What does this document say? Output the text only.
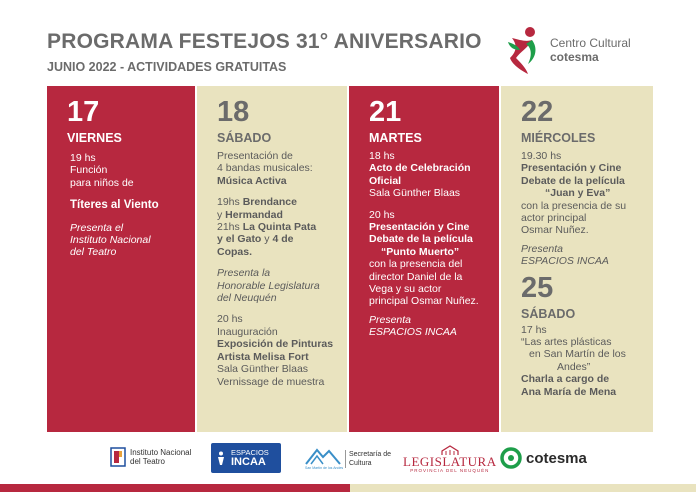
PROGRAMA FESTEJOS 31° ANIVERSARIO
JUNIO 2022 - ACTIVIDADES GRATUITAS
Centro Cultural
cotesma
17
VIERNES
19 hs
Función
para niños de
Títeres al Viento
Presenta el
Instituto Nacional
del Teatro
18
SÁBADO
Presentación de
4 bandas musicales:
Música Activa
19hs Brendance
y Hermandad
21hs La Quinta Pata
y el Gato y 4 de
Copas.
Presenta la
Honorable Legislatura
del Neuquén
20 hs
Inauguración
Exposición de Pinturas
Artista Melisa Fort
Sala Günther Blaas
Vernissage de muestra
21
MARTES
18 hs
Acto de Celebración
Oficial
Sala Günther Blaas
20 hs
Presentación y Cine
Debate de la película
“Punto Muerto”
con la presencia del
director Daniel de la
Vega y su actor
principal Osmar Nuñez.
Presenta
ESPACIOS INCAA
22
MIÉRCOLES
19.30 hs
Presentación y Cine
Debate de la película
“Juan y Eva”
con la presencia de su
actor principal
Osmar Nuñez.
Presenta
ESPACIOS INCAA
25
SÁBADO
17 hs
“Las artes plásticas
en San Martín de los
Andes”
Charla a cargo de
Ana María de Mena
Instituto Nacional
del Teatro
ESPACIOS
INCAA
San Martín de los Andes
Secretaría de
Cultura	LEGISLATURA
PROVINCIA DEL NEUQUÉN
cotesma
